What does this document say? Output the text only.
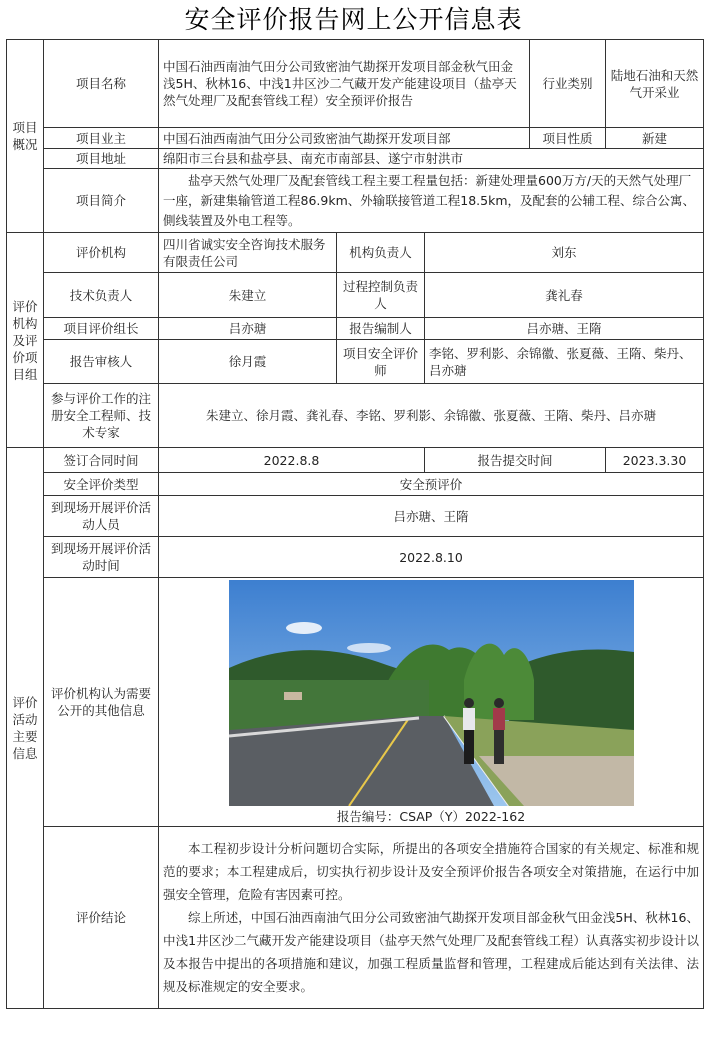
安全评价报告网上公开信息表
项目概况	项目名称	中国石油西南油气田分公司致密油气勘探开发项目部金秋气田金浅5H、秋林16、中浅1井区沙二气藏开发产能建设项目（盐亭天然气处理厂及配套管线工程）安全预评价报告			行业类别	陆地石油和天然气开采业
	项目业主	中国石油西南油气田分公司致密油气勘探开发项目部			项目性质	新建
	项目地址	绵阳市三台县和盐亭县、南充市南部县、遂宁市射洪市				
	项目简介	盐亭天然气处理厂及配套管线工程主要工程量包括：新建处理量600万方/天的天然气处理厂一座，新建集输管道工程86.9km、外输联接管道工程18.5km，及配套的公辅工程、综合公寓、側线装置及外电工程等。				
评价机构及评价项目组	评价机构	四川省诚实安全咨询技术服务有限责任公司	机构负责人	刘东		
	技术负责人	朱建立	过程控制负责人	龚礼春		
	项目评价组长	吕亦瑭	报告编制人	吕亦瑭、王隋		
	报告审核人	徐月霞	项目安全评价师	李铭、罗利影、余锦徽、张夏薇、王隋、柴丹、吕亦瑭		
	参与评价工作的注册安全工程师、技术专家	朱建立、徐月霞、龚礼春、李铭、罗利影、余锦徽、张夏薇、王隋、柴丹、吕亦瑭				
评价活动主要信息	签订合同时间	2022.8.8		报告提交时间		2023.3.30
	安全评价类型	安全预评价				
	到现场开展评价活动人员	吕亦瑭、王隋				
	到现场开展评价活动时间	2022.8.10				
	评价机构认为需要公开的其他信息	报告编号：CSAP（Y）2022-162				

	评价结论	本工程初步设计分析问题切合实际，所提出的各项安全措施符合国家的有关规定、标准和规范的要求；本工程建成后，切实执行初步设计及安全预评价报告各项安全对策措施，在运行中加强安全管理，危险有害因素可控。

综上所述，中国石油西南油气田分公司致密油气勘探开发项目部金秋气田金浅5H、秋林16、中浅1井区沙二气藏开发产能建设项目（盐亭天然气处理厂及配套管线工程）认真落实初步设计以及本报告中提出的各项措施和建议，加强工程质量监督和管理，工程建成后能达到有关法律、法规及标准规定的安全要求。				
